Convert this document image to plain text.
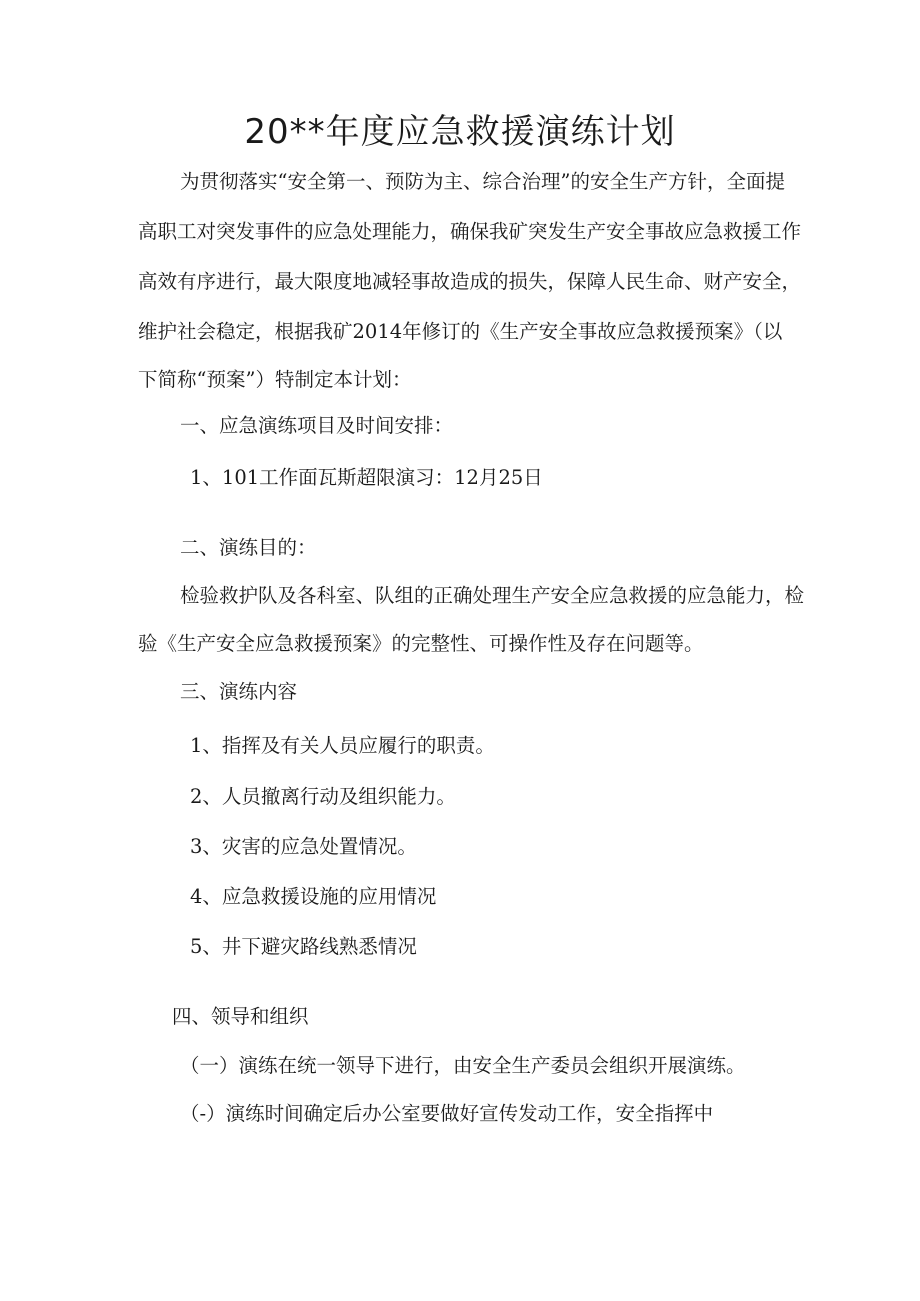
20**年度应急救援演练计划
为贯彻落实“安全第一、预防为主、综合治理”的安全生产方针，全面提
高职工对突发事件的应急处理能力，确保我矿突发生产安全事故应急救援工作
高效有序进行，最大限度地减轻事故造成的损失，保障人民生命、财产安全，
维护社会稳定，根据我矿2014年修订的《生产安全事故应急救援预案》（以
下简称“预案”）特制定本计划：
一、应急演练项目及时间安排：
1、101工作面瓦斯超限演习：12月25日
二、演练目的：
检验救护队及各科室、队组的正确处理生产安全应急救援的应急能力，检
验《生产安全应急救援预案》的完整性、可操作性及存在问题等。
三、演练内容
1、指挥及有关人员应履行的职责。
2、人员撤离行动及组织能力。
3、灾害的应急处置情况。
4、应急救援设施的应用情况
5、井下避灾路线熟悉情况
四、领导和组织
（一）演练在统一领导下进行，由安全生产委员会组织开展演练。
（-）演练时间确定后办公室要做好宣传发动工作，安全指挥中
